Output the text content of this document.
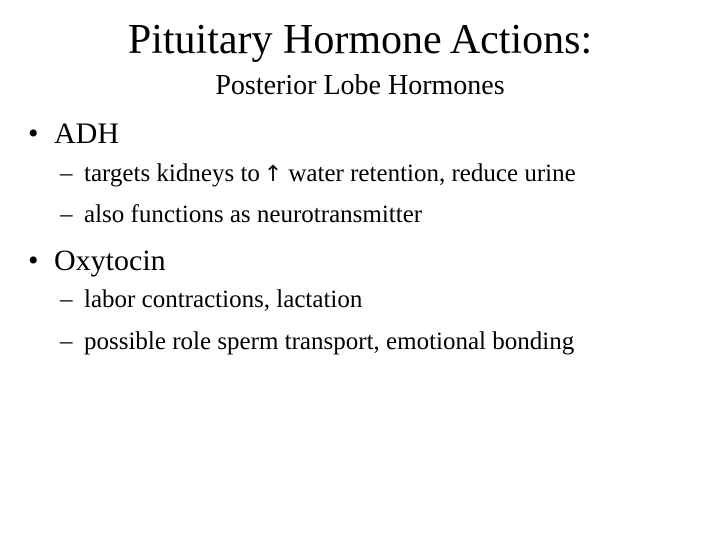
Pituitary Hormone Actions:
Posterior Lobe Hormones
• ADH
– targets kidneys to ↑ water retention, reduce urine
– also functions as neurotransmitter
• Oxytocin
– labor contractions, lactation
– possible role sperm transport, emotional bonding
